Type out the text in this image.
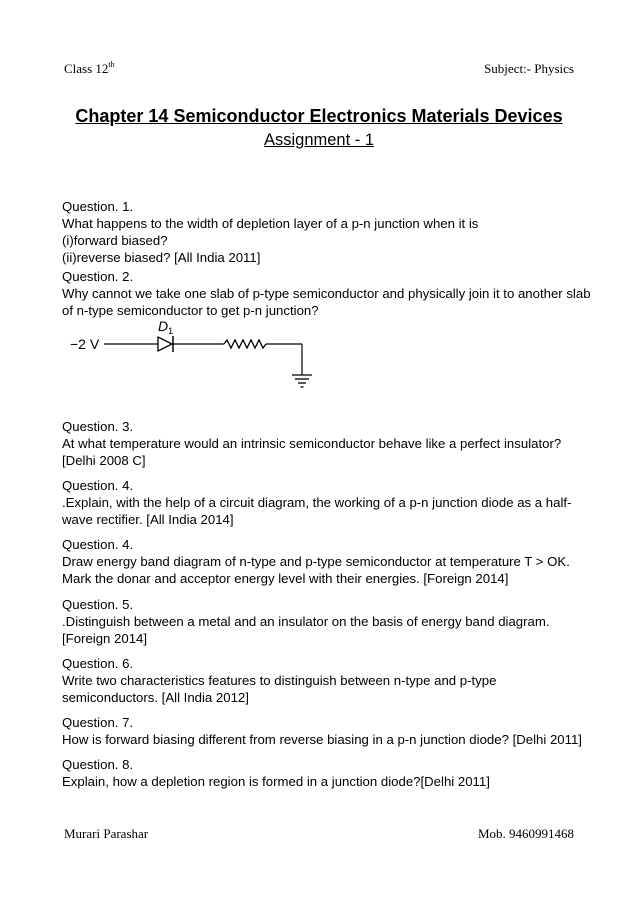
Class 12th	Subject:- Physics
Chapter 14 Semiconductor Electronics Materials Devices
Assignment - 1
Question. 1.
What happens to the width of depletion layer of a p-n junction when it is
(i)forward biased?
(ii)reverse biased? [All India 2011]
Question. 2.
Why cannot we take one slab of p-type semiconductor and physically join it to another slab
of n-type semiconductor to get p-n junction?
−2 V
$D_1$
Question. 3.
At what temperature would an intrinsic semiconductor behave like a perfect insulator?
[Delhi 2008 C]
Question. 4.
.Explain, with the help of a circuit diagram, the working of a p-n junction diode as a half-
wave rectifier. [All India 2014]
Question. 4.
Draw energy band diagram of n-type and p-type semiconductor at temperature T > OK.
Mark the donar and acceptor energy level with their energies. [Foreign 2014]
Question. 5.
.Distinguish between a metal and an insulator on the basis of energy band diagram.
[Foreign 2014]
Question. 6.
Write two characteristics features to distinguish between n-type and p-type
semiconductors. [All India 2012]
Question. 7.
How is forward biasing different from reverse biasing in a p-n junction diode? [Delhi 2011]
Question. 8.
Explain, how a depletion region is formed in a junction diode?[Delhi 2011]
Murari Parashar	Mob. 9460991468
